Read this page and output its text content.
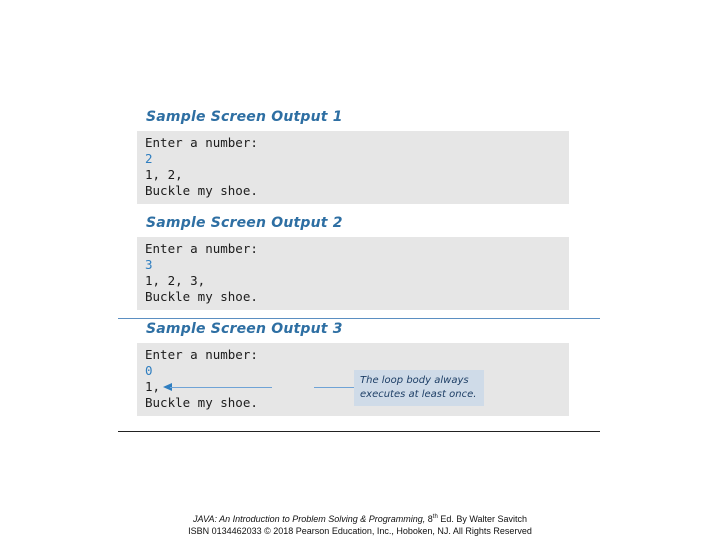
Sample Screen Output 1
Enter a number:
2
1, 2,
Buckle my shoe.
Sample Screen Output 2
Enter a number:
3
1, 2, 3,
Buckle my shoe.
Sample Screen Output 3
Enter a number:
0
1,
Buckle my shoe.
The loop body always executes at least once.
JAVA: An Introduction to Problem Solving & Programming, 8th Ed. By Walter Savitch
ISBN 0134462033 © 2018 Pearson Education, Inc., Hoboken, NJ. All Rights Reserved
